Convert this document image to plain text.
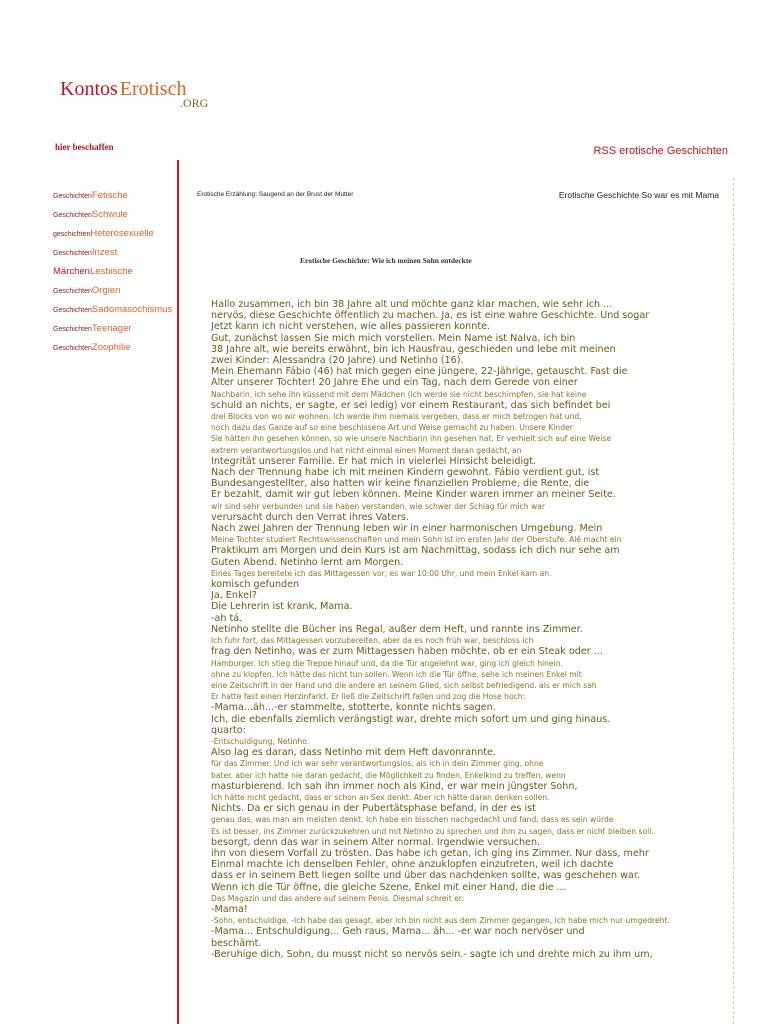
Kontos Erotisch
.ORG
hier beschaffen	RSS erotische Geschichten
GeschichtenFetische
GeschichtenSchwule
geschichtenHeterosexuelle
GeschichtenInzest
MärchenLesbische
GeschichtenOrgien
GeschichtenSadomasochismus
GeschichtenTeenager
GeschichtenZoophilie
Erotische Erzählung: Saugend an der Brust der Mutter	Erotische Geschichte So war es mit Mama
Erotische Geschichte: Wie ich meinen Sohn entdeckte
Hallo zusammen, ich bin 38 Jahre alt und möchte ganz klar machen, wie sehr ich ...
nervös, diese Geschichte öffentlich zu machen. Ja, es ist eine wahre Geschichte. Und sogar
Jetzt kann ich nicht verstehen, wie alles passieren konnte.
Gut, zunächst lassen Sie mich mich vorstellen. Mein Name ist Nalva, ich bin
38 Jahre alt, wie bereits erwähnt, bin ich Hausfrau, geschieden und lebe mit meinen
zwei Kinder: Alessandra (20 Jahre) und Netinho (16).
Mein Ehemann Fábio (46) hat mich gegen eine jüngere, 22-Jährige, getauscht. Fast die
Alter unserer Tochter! 20 Jahre Ehe und ein Tag, nach dem Gerede von einer
Nachbarin, ich sehe ihn küssend mit dem Mädchen (ich werde sie nicht beschimpfen, sie hat keine
schuld an nichts, er sagte, er sei ledig) vor einem Restaurant, das sich befindet bei
drei Blocks von wo wir wohnen. Ich werde ihm niemals vergeben, dass er mich betrogen hat und,
noch dazu das Ganze auf so eine beschissene Art und Weise gemacht zu haben. Unsere Kinder
Sie hätten ihn gesehen können, so wie unsere Nachbarin ihn gesehen hat. Er verhielt sich auf eine Weise
extrem verantwortungslos und hat nicht einmal einen Moment daran gedacht, an
Integrität unserer Familie. Er hat mich in vielerlei Hinsicht beleidigt.
Nach der Trennung habe ich mit meinen Kindern gewohnt. Fábio verdient gut, ist
Bundesangestellter, also hatten wir keine finanziellen Probleme, die Rente, die
Er bezahlt, damit wir gut leben können. Meine Kinder waren immer an meiner Seite.
wir sind sehr verbunden und sie haben verstanden, wie schwer der Schlag für mich war
verursacht durch den Verrat ihres Vaters.
Nach zwei Jahren der Trennung leben wir in einer harmonischen Umgebung. Mein
Meine Tochter studiert Rechtswissenschaften und mein Sohn ist im ersten Jahr der Oberstufe. Alê macht ein
Praktikum am Morgen und dein Kurs ist am Nachmittag, sodass ich dich nur sehe am
Guten Abend. Netinho lernt am Morgen.
Eines Tages bereitete ich das Mittagessen vor, es war 10:00 Uhr, und mein Enkel kam an.
komisch gefunden
Ja, Enkel?
Die Lehrerin ist krank, Mama.
-ah tá.
Netinho stellte die Bücher ins Regal, außer dem Heft, und rannte ins Zimmer.
Ich fuhr fort, das Mittagessen vorzubereiten, aber da es noch früh war, beschloss ich
frag den Netinho, was er zum Mittagessen haben möchte, ob er ein Steak oder ...
Hamburger. Ich stieg die Treppe hinauf und, da die Tür angelehnt war, ging ich gleich hinein.
ohne zu klopfen. Ich hätte das nicht tun sollen. Wenn ich die Tür öffne, sehe ich meinen Enkel mit
eine Zeitschrift in der Hand und die andere an seinem Glied, sich selbst befriedigend. als er mich sah
Er hatte fast einen Herzinfarkt. Er ließ die Zeitschrift fallen und zog die Hose hoch:
-Mama...äh...-er stammelte, stotterte, konnte nichts sagen.
Ich, die ebenfalls ziemlich verängstigt war, drehte mich sofort um und ging hinaus.
quarto:
-Entschuldigung, Netinho.
Also lag es daran, dass Netinho mit dem Heft davonrannte.
für das Zimmer. Und ich war sehr verantwortungslos, als ich in dein Zimmer ging, ohne
bater. aber ich hatte nie daran gedacht, die Möglichkeit zu finden, Enkelkind zu treffen, wenn
masturbierend. Ich sah ihn immer noch als Kind, er war mein jüngster Sohn,
Ich hätte nicht gedacht, dass er schon an Sex denkt. Aber ich hätte daran denken sollen.
Nichts. Da er sich genau in der Pubertätsphase befand, in der es ist
genau das, was man am meisten denkt. Ich habe ein bisschen nachgedacht und fand, dass es sein würde
Es ist besser, ins Zimmer zurückzukehren und mit Netinho zu sprechen und ihm zu sagen, dass er nicht bleiben soll.
besorgt, denn das war in seinem Alter normal. Irgendwie versuchen.
ihn von diesem Vorfall zu trösten. Das habe ich getan, ich ging ins Zimmer. Nur dass, mehr
Einmal machte ich denselben Fehler, ohne anzuklopfen einzutreten, weil ich dachte
dass er in seinem Bett liegen sollte und über das nachdenken sollte, was geschehen war.
Wenn ich die Tür öffne, die gleiche Szene, Enkel mit einer Hand, die die ...
Das Magazin und das andere auf seinem Penis. Diesmal schreit er:
-Mama!
-Sohn, entschuldige. -Ich habe das gesagt, aber ich bin nicht aus dem Zimmer gegangen, ich habe mich nur umgedreht.
-Mama... Entschuldigung... Geh raus, Mama... äh... -er war noch nervöser und
beschämt.
-Beruhige dich, Sohn, du musst nicht so nervös sein.- sagte ich und drehte mich zu ihm um,
